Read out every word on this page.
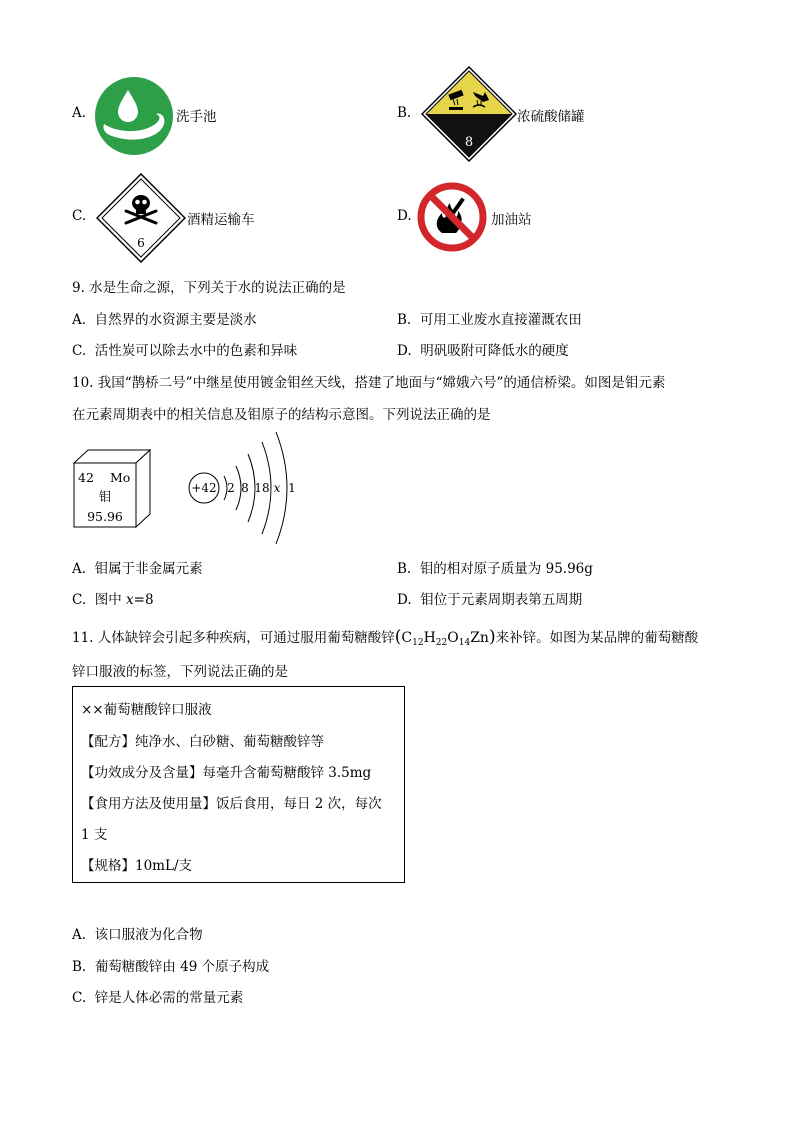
A.	洗手池	B.
8
浓硫酸储罐
C.
6
酒精运输车	D.	加油站
9. 水是生命之源，下列关于水的说法正确的是
A. 自然界的水资源主要是淡水	B. 可用工业废水直接灌溉农田
C. 活性炭可以除去水中的色素和异味	D. 明矾吸附可降低水的硬度
10. 我国“鹊桥二号”中继星使用镀金钼丝天线，搭建了地面与“嫦娥六号”的通信桥梁。如图是钼元素
在元素周期表中的相关信息及钼原子的结构示意图。下列说法正确的是
42 Mo
钼
95.96
+42 2 8 18 x 1
A. 钼属于非金属元素	B. 钼的相对原子质量为 95.96g
C. 图中 x=8	D. 钼位于元素周期表第五周期
11. 人体缺锌会引起多种疾病，可通过服用葡萄糖酸锌$(C_{12}H_{22}O_{14}Zn)$来补锌。如图为某品牌的葡萄糖酸
锌口服液的标签，下列说法正确的是
××葡萄糖酸锌口服液
【配方】纯净水、白砂糖、葡萄糖酸锌等
【功效成分及含量】每毫升含葡萄糖酸锌 3.5mg
【食用方法及使用量】饭后食用，每日 2 次，每次
1 支
【规格】10mL/支
A. 该口服液为化合物
B. 葡萄糖酸锌由 49 个原子构成
C. 锌是人体必需的常量元素
